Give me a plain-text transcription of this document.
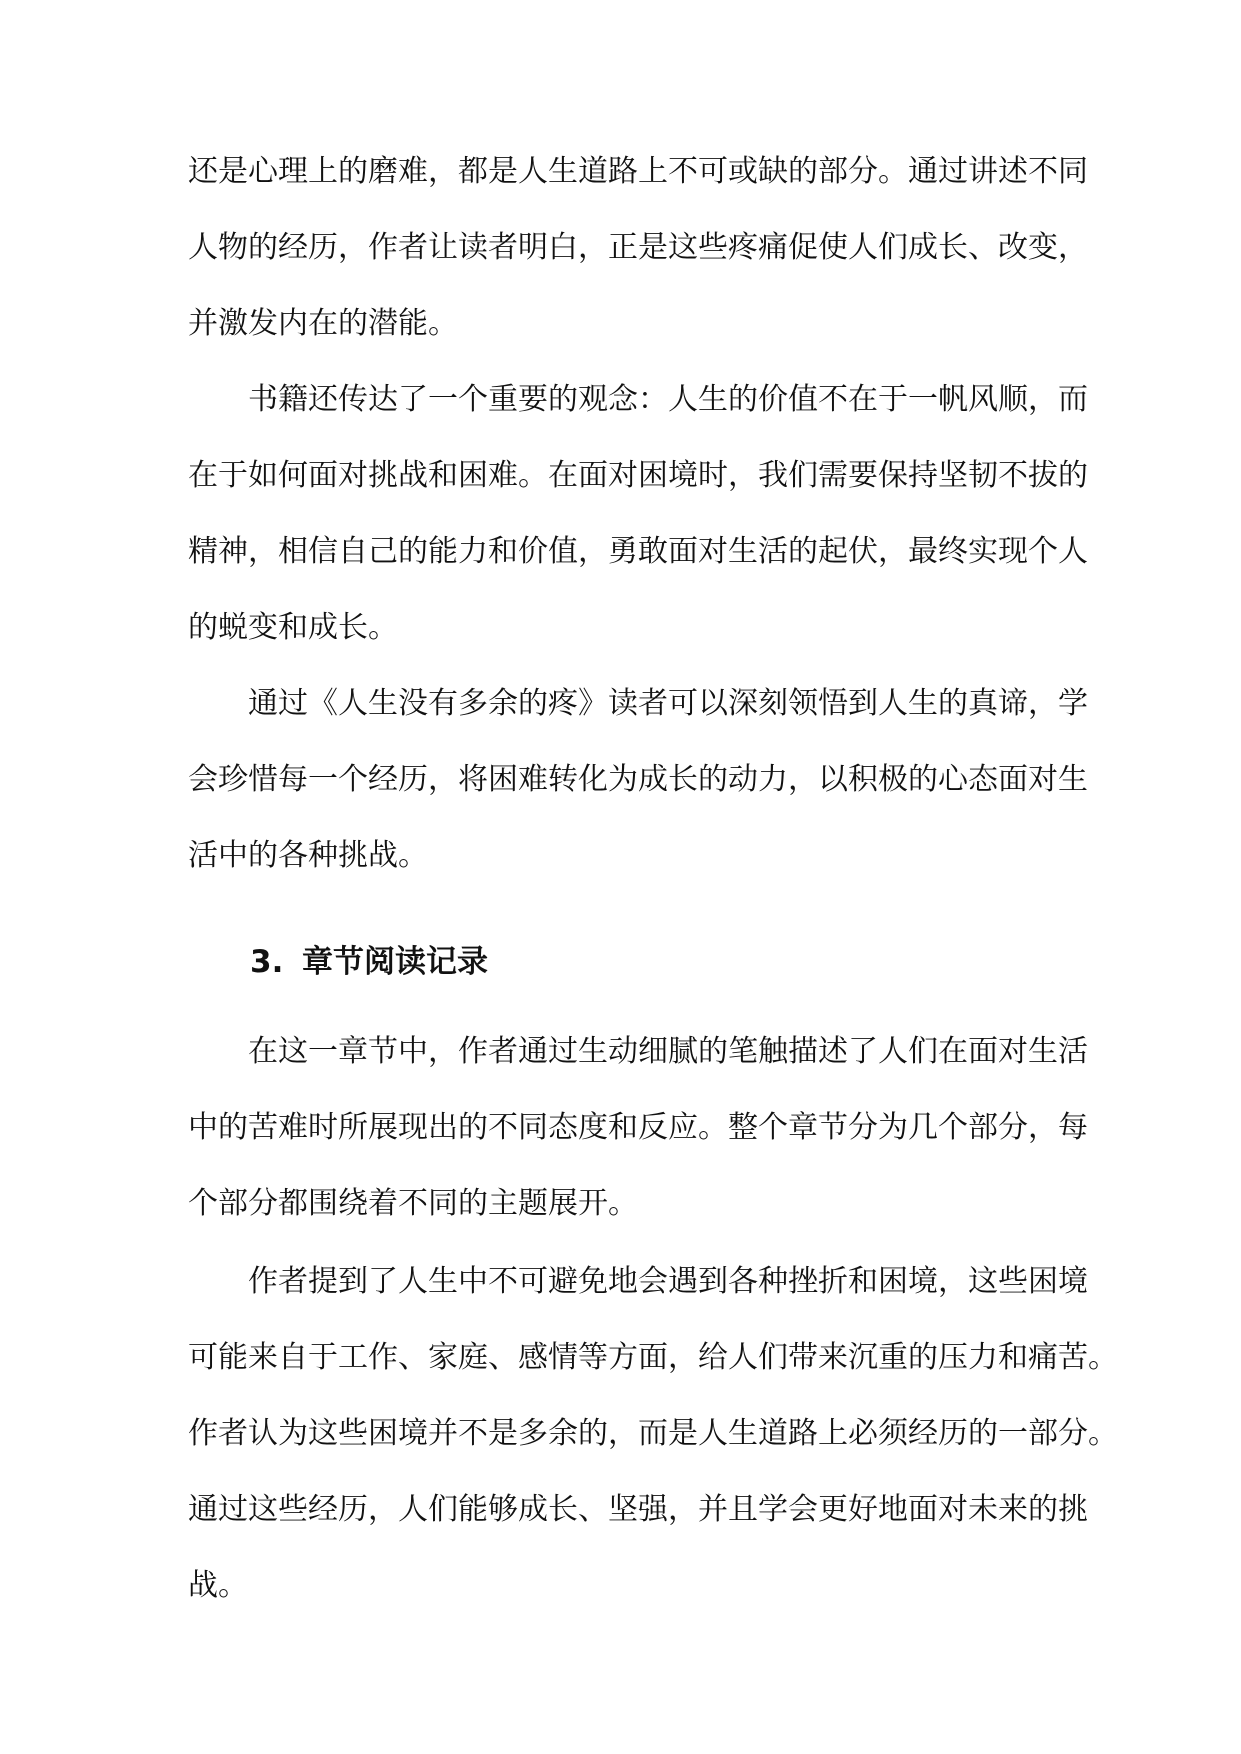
还是心理上的磨难，都是人生道路上不可或缺的部分。通过讲述不同
人物的经历，作者让读者明白，正是这些疼痛促使人们成长、改变，
并激发内在的潜能。
书籍还传达了一个重要的观念：人生的价值不在于一帆风顺，而
在于如何面对挑战和困难。在面对困境时，我们需要保持坚韧不拔的
精神，相信自己的能力和价值，勇敢面对生活的起伏，最终实现个人
的蜕变和成长。
通过《人生没有多余的疼》读者可以深刻领悟到人生的真谛，学
会珍惜每一个经历，将困难转化为成长的动力，以积极的心态面对生
活中的各种挑战。
3. 章节阅读记录
在这一章节中，作者通过生动细腻的笔触描述了人们在面对生活
中的苦难时所展现出的不同态度和反应。整个章节分为几个部分，每
个部分都围绕着不同的主题展开。
作者提到了人生中不可避免地会遇到各种挫折和困境，这些困境
可能来自于工作、家庭、感情等方面，给人们带来沉重的压力和痛苦。
作者认为这些困境并不是多余的，而是人生道路上必须经历的一部分。
通过这些经历，人们能够成长、坚强，并且学会更好地面对未来的挑
战。
